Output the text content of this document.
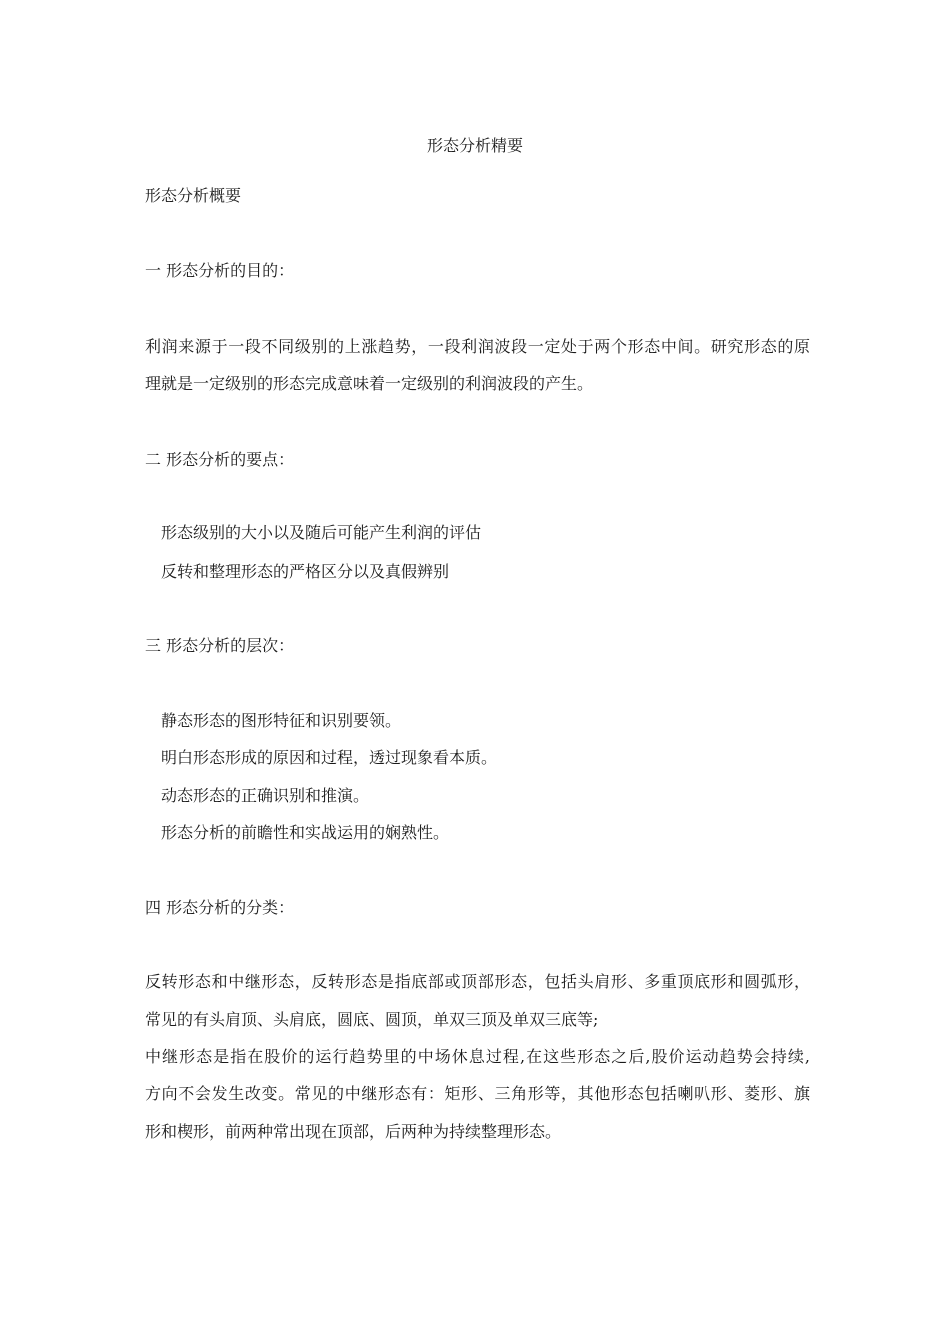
形态分析精要
形态分析概要
一 形态分析的目的：
利润来源于一段不同级别的上涨趋势，一段利润波段一定处于两个形态中间。研究形态的原
理就是一定级别的形态完成意味着一定级别的利润波段的产生。
二 形态分析的要点：
形态级别的大小以及随后可能产生利润的评估
反转和整理形态的严格区分以及真假辨别
三 形态分析的层次：
静态形态的图形特征和识别要领。
明白形态形成的原因和过程，透过现象看本质。
动态形态的正确识别和推演。
形态分析的前瞻性和实战运用的娴熟性。
四 形态分析的分类：
反转形态和中继形态，反转形态是指底部或顶部形态，包括头肩形、多重顶底形和圆弧形，
常见的有头肩顶、头肩底，圆底、圆顶，单双三顶及单双三底等;
中继形态是指在股价的运行趋势里的中场休息过程,在这些形态之后,股价运动趋势会持续,
方向不会发生改变。常见的中继形态有：矩形、三角形等，其他形态包括喇叭形、菱形、旗
形和楔形，前两种常出现在顶部，后两种为持续整理形态。
